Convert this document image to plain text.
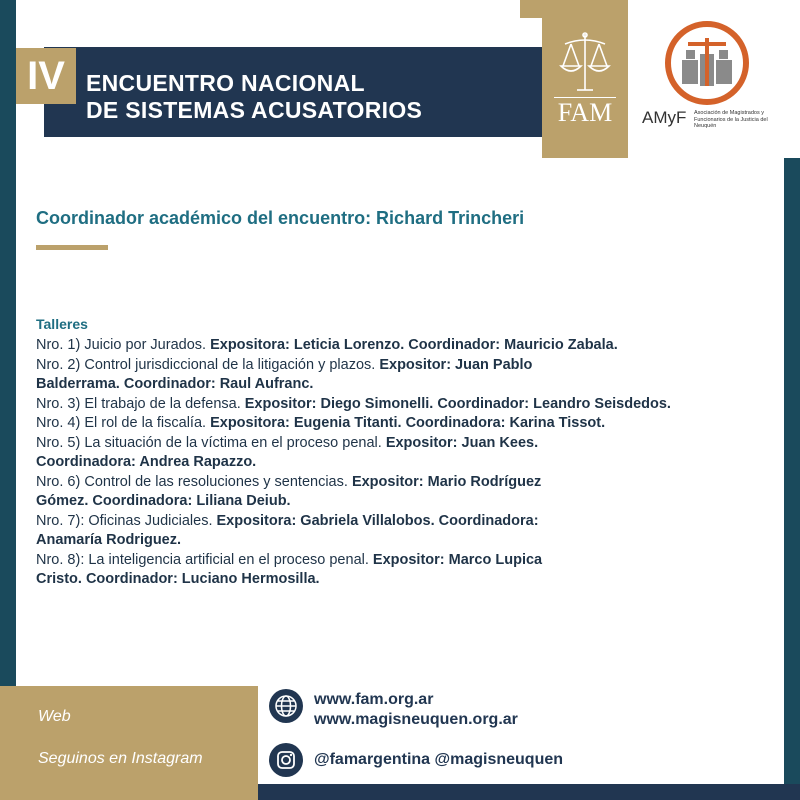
IV ENCUENTRO NACIONAL
DE SISTEMAS ACUSATORIOS	FAM	AMyF Asociación de Magistrados y Funcionarios de la Justicia del Neuquén
Coordinador académico del encuentro: Richard Trincheri
Talleres
Nro. 1) Juicio por Jurados. Expositora: Leticia Lorenzo. Coordinador: Mauricio Zabala.
Nro. 2) Control jurisdiccional de la litigación y plazos. Expositor: Juan Pablo
Balderrama. Coordinador: Raul Aufranc.
Nro. 3) El trabajo de la defensa. Expositor: Diego Simonelli. Coordinador: Leandro Seisdedos.
Nro. 4) El rol de la fiscalía. Expositora: Eugenia Titanti. Coordinadora: Karina Tissot.
Nro. 5) La situación de la víctima en el proceso penal. Expositor: Juan Kees.
Coordinadora: Andrea Rapazzo.
Nro. 6) Control de las resoluciones y sentencias. Expositor: Mario Rodríguez
Gómez. Coordinadora: Liliana Deiub.
Nro. 7): Oficinas Judiciales. Expositora: Gabriela Villalobos. Coordinadora:
Anamaría Rodriguez.
Nro. 8): La inteligencia artificial en el proceso penal. Expositor: Marco Lupica
Cristo. Coordinador: Luciano Hermosilla.
Web
Seguinos en Instagram
www.fam.org.ar
www.magisneuquen.org.ar
@famargentina @magisneuquen
